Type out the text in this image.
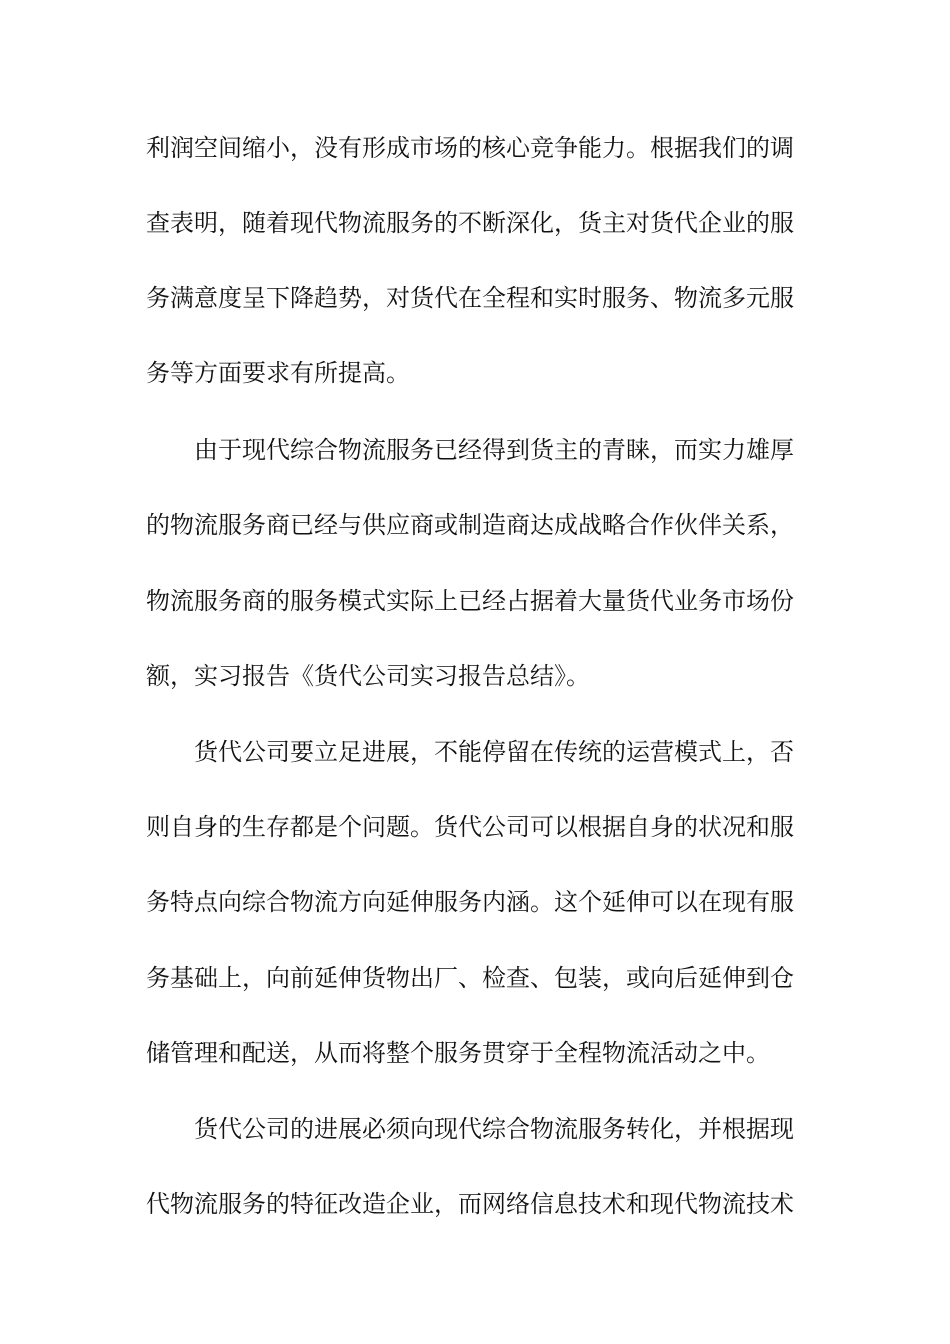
利润空间缩小，没有形成市场的核心竞争能力。根据我们的调
查表明，随着现代物流服务的不断深化，货主对货代企业的服
务满意度呈下降趋势，对货代在全程和实时服务、物流多元服
务等方面要求有所提高。
由于现代综合物流服务已经得到货主的青睐，而实力雄厚
的物流服务商已经与供应商或制造商达成战略合作伙伴关系，
物流服务商的服务模式实际上已经占据着大量货代业务市场份
额，实习报告《货代公司实习报告总结》。
货代公司要立足进展，不能停留在传统的运营模式上，否
则自身的生存都是个问题。货代公司可以根据自身的状况和服
务特点向综合物流方向延伸服务内涵。这个延伸可以在现有服
务基础上，向前延伸货物出厂、检查、包装，或向后延伸到仓
储管理和配送，从而将整个服务贯穿于全程物流活动之中。
货代公司的进展必须向现代综合物流服务转化，并根据现
代物流服务的特征改造企业，而网络信息技术和现代物流技术
